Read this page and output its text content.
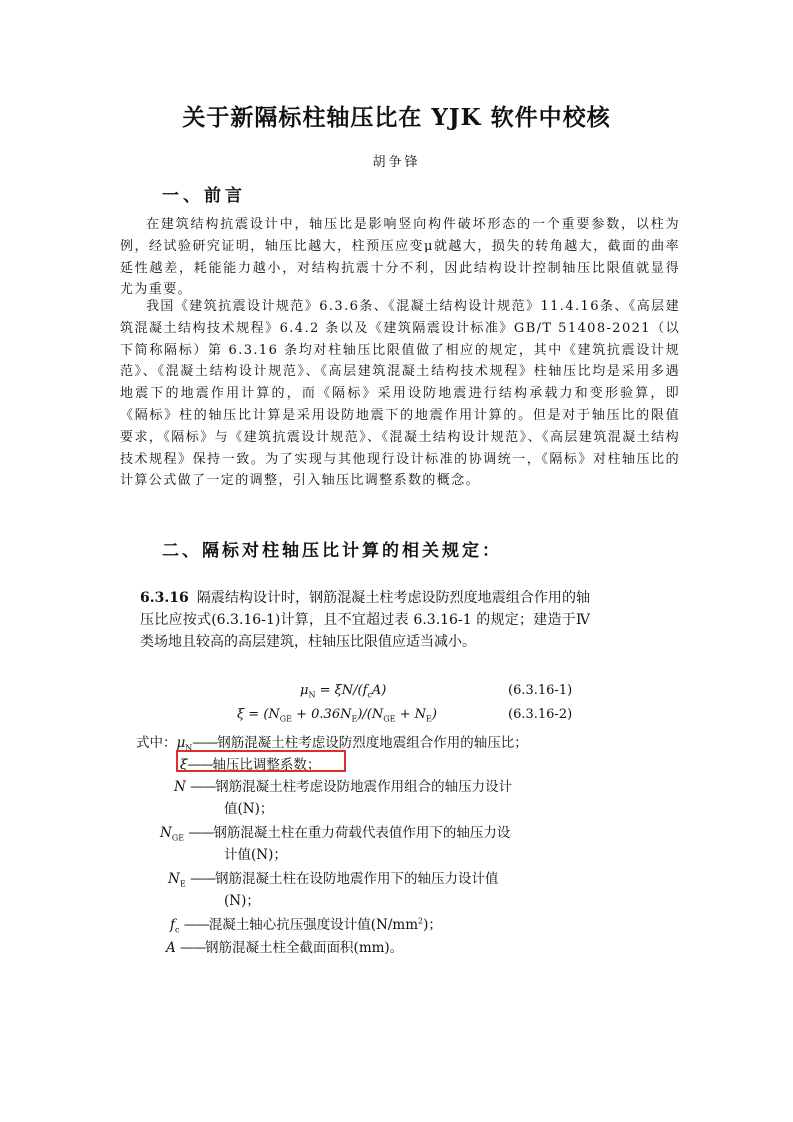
关于新隔标柱轴压比在 YJK 软件中校核
胡争锋
一、前言

在建筑结构抗震设计中，轴压比是影响竖向构件破坏形态的一个重要参数，以柱为例，经试验研究证明，轴压比越大，柱预压应变μ就越大，损失的转角越大，截面的曲率延性越差，耗能能力越小，对结构抗震十分不利，因此结构设计控制轴压比限值就显得尤为重要。

我国《建筑抗震设计规范》6.3.6条、《混凝土结构设计规范》11.4.16条、《高层建筑混凝土结构技术规程》6.4.2 条以及《建筑隔震设计标准》GB/T 51408-2021（以下简称隔标）第 6.3.16 条均对柱轴压比限值做了相应的规定，其中《建筑抗震设计规范》、《混凝土结构设计规范》、《高层建筑混凝土结构技术规程》柱轴压比均是采用多遇地震下的地震作用计算的，而《隔标》采用设防地震进行结构承载力和变形验算，即《隔标》柱的轴压比计算是采用设防地震下的地震作用计算的。但是对于轴压比的限值要求，《隔标》与《建筑抗震设计规范》、《混凝土结构设计规范》、《高层建筑混凝土结构技术规程》保持一致。为了实现与其他现行设计标准的协调统一，《隔标》对柱轴压比的计算公式做了一定的调整，引入轴压比调整系数的概念。

二、隔标对柱轴压比计算的相关规定：

6.3.16 隔震结构设计时，钢筋混凝土柱考虑设防烈度地震组合作用的轴压比应按式(6.3.16-1)计算，且不宜超过表 6.3.16-1 的规定；建造于Ⅳ类场地且较高的高层建筑，柱轴压比限值应适当减小。

$\mu_N = \xi N/(f_cA)$	(6.3.16-1)
$\xi = (N_{GE} + 0.36N_E)/(N_{GE} + N_E)$	(6.3.16-2)
式中：$\mu_N——$钢筋混凝土柱考虑设防烈度地震组合作用的轴压比；
ξ——轴压比调整系数；
N ——钢筋混凝土柱考虑设防地震作用组合的轴压力设计
值(N)；
$N_{GE}$ ——钢筋混凝土柱在重力荷载代表值作用下的轴压力设
计值(N)；
$N_E$ ——钢筋混凝土柱在设防地震作用下的轴压力设计值
(N)；
$f_c$ ——混凝土轴心抗压强度设计值$(N/mm^2)$；
A ——钢筋混凝土柱全截面面积(mm)。
